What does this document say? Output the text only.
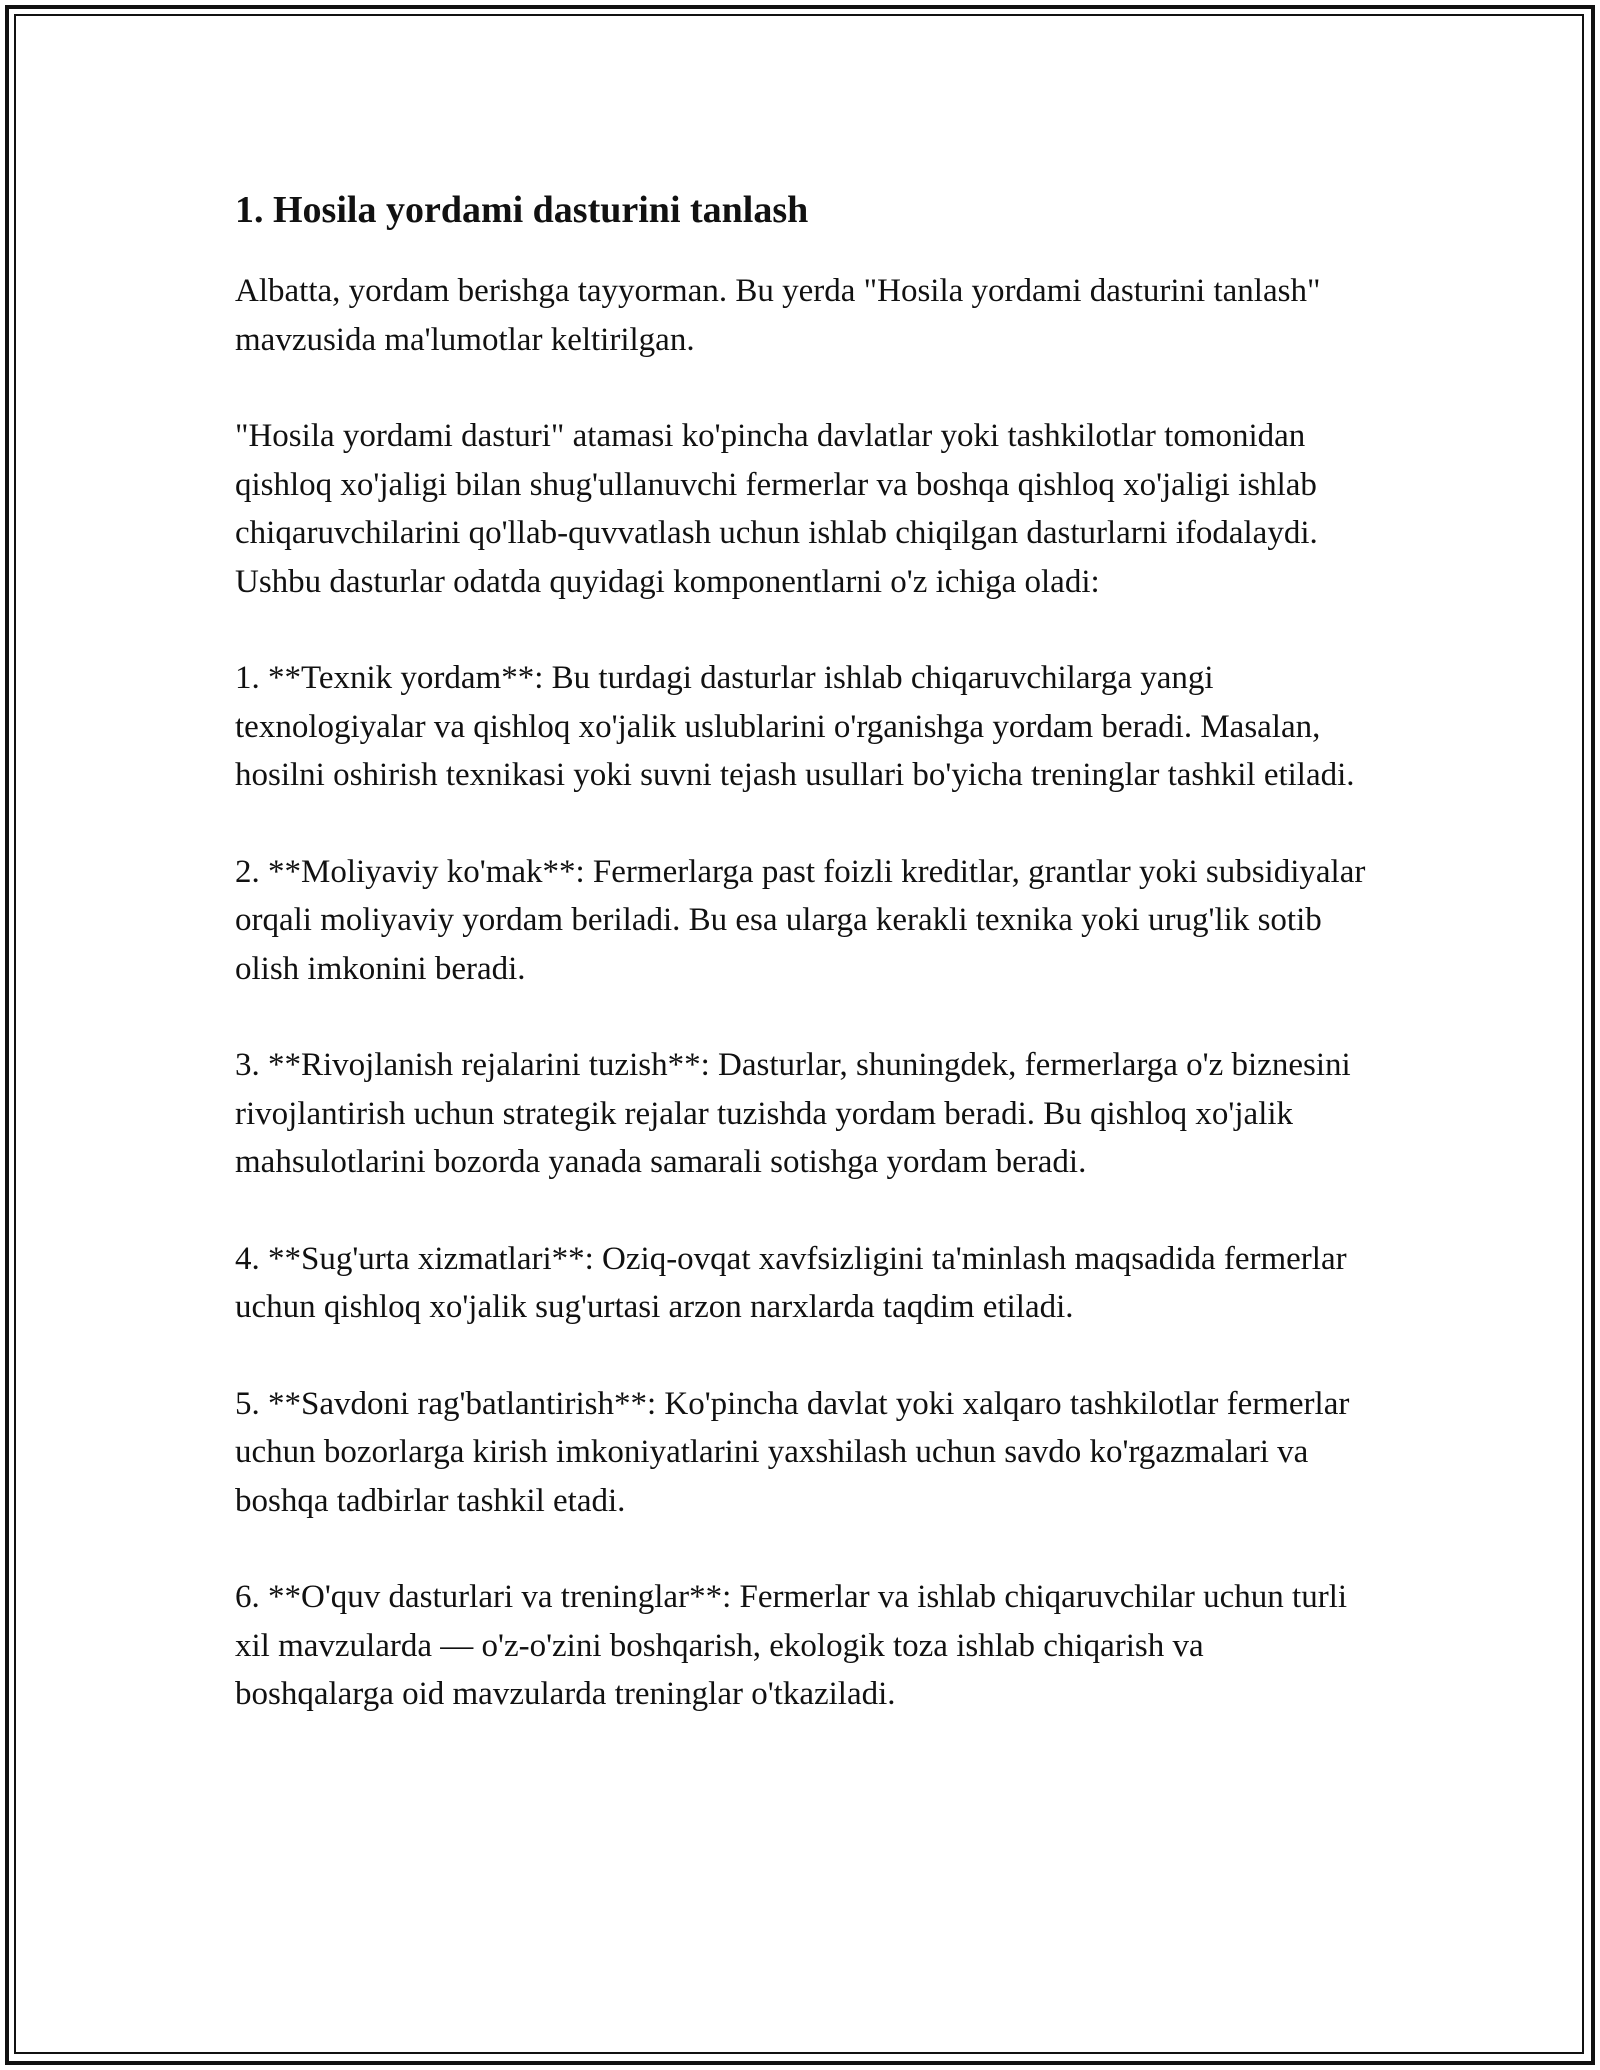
1. Hosila yordami dasturini tanlash

Albatta, yordam berishga tayyorman. Bu yerda "Hosila yordami dasturini tanlash" mavzusida ma'lumotlar keltirilgan.

"Hosila yordami dasturi" atamasi ko'pincha davlatlar yoki tashkilotlar tomonidan qishloq xo'jaligi bilan shug'ullanuvchi fermerlar va boshqa qishloq xo'jaligi ishlab chiqaruvchilarini qo'llab-quvvatlash uchun ishlab chiqilgan dasturlarni ifodalaydi. Ushbu dasturlar odatda quyidagi komponentlarni o'z ichiga oladi:

1. **Texnik yordam**: Bu turdagi dasturlar ishlab chiqaruvchilarga yangi texnologiyalar va qishloq xo'jalik uslublarini o'rganishga yordam beradi. Masalan, hosilni oshirish texnikasi yoki suvni tejash usullari bo'yicha treninglar tashkil etiladi.

2. **Moliyaviy ko'mak**: Fermerlarga past foizli kreditlar, grantlar yoki subsidiyalar orqali moliyaviy yordam beriladi. Bu esa ularga kerakli texnika yoki urug'lik sotib olish imkonini beradi.

3. **Rivojlanish rejalarini tuzish**: Dasturlar, shuningdek, fermerlarga o'z biznesini rivojlantirish uchun strategik rejalar tuzishda yordam beradi. Bu qishloq xo'jalik mahsulotlarini bozorda yanada samarali sotishga yordam beradi.

4. **Sug'urta xizmatlari**: Oziq-ovqat xavfsizligini ta'minlash maqsadida fermerlar uchun qishloq xo'jalik sug'urtasi arzon narxlarda taqdim etiladi.

5. **Savdoni rag'batlantirish**: Ko'pincha davlat yoki xalqaro tashkilotlar fermerlar uchun bozorlarga kirish imkoniyatlarini yaxshilash uchun savdo ko'rgazmalari va boshqa tadbirlar tashkil etadi.

6. **O'quv dasturlari va treninglar**: Fermerlar va ishlab chiqaruvchilar uchun turli xil mavzularda — o'z-o'zini boshqarish, ekologik toza ishlab chiqarish va boshqalarga oid mavzularda treninglar o'tkaziladi.
